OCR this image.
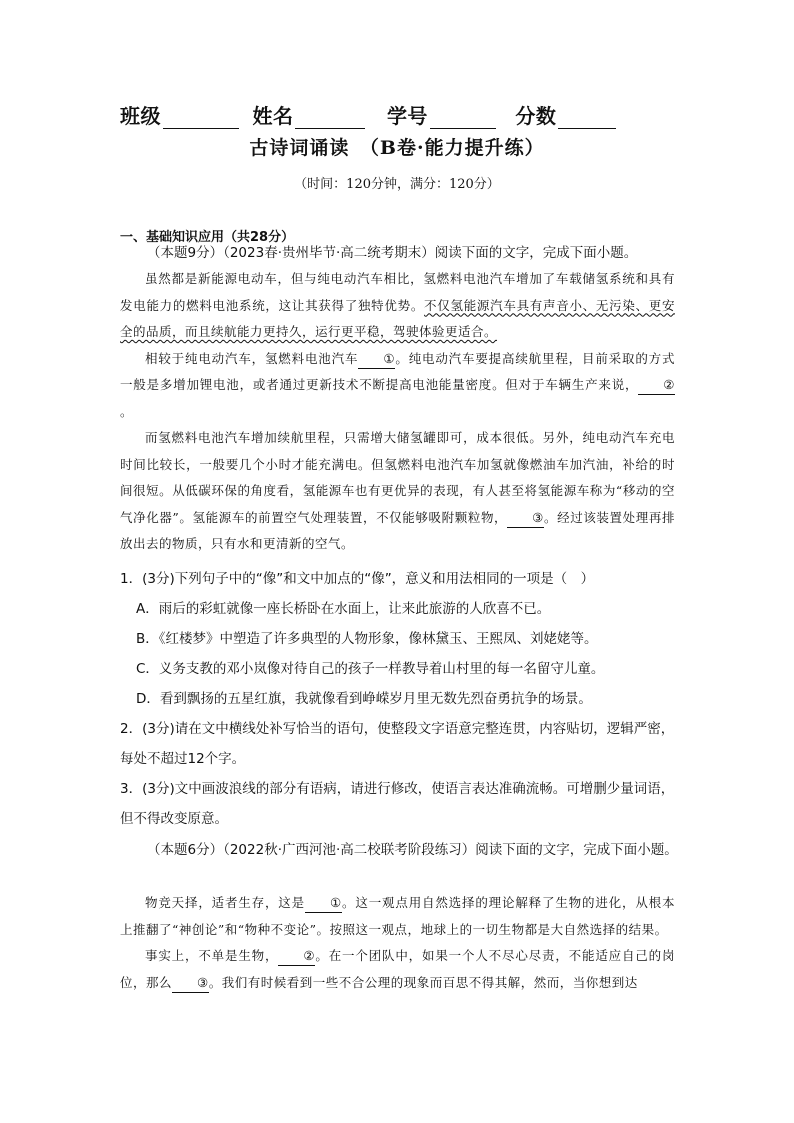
班级	姓名	学号	分数
古诗词诵读　（B卷·能力提升练）
（时间：120分钟，满分：120分）
一、基础知识应用（共28分）
（本题9分）（2023春·贵州毕节·高二统考期末）阅读下面的文字，完成下面小题。

虽然都是新能源电动车，但与纯电动汽车相比，氢燃料电池汽车增加了车载储氢系统和具有发电能力的燃料电池系统，这让其获得了独特优势。不仅氢能源汽车具有声音小、无污染、更安全的品质，而且续航能力更持久，运行更平稳，驾驶体验更适合。

相较于纯电动汽车，氢燃料电池汽车 ①。纯电动汽车要提高续航里程，目前采取的方式一般是多增加锂电池，或者通过更新技术不断提高电池能量密度。但对于车辆生产来说， ②。

而氢燃料电池汽车增加续航里程，只需增大储氢罐即可，成本很低。另外，纯电动汽车充电时间比较长，一般要几个小时才能充满电。但氢燃料电池汽车加氢就像燃油车加汽油，补给的时间很短。从低碳环保的角度看，氢能源车也有更优异的表现，有人甚至将氢能源车称为“移动的空气净化器”。氢能源车的前置空气处理装置，不仅能够吸附颗粒物， ③。经过该装置处理再排放出去的物质，只有水和更清新的空气。

1．(3分)下列句子中的“像”和文中加点的“像”，意义和用法相同的一项是（　）

A．雨后的彩虹就像一座长桥卧在水面上，让来此旅游的人欣喜不已。

B．《红楼梦》中塑造了许多典型的人物形象，像林黛玉、王熙凤、刘姥姥等。

C．义务支教的邓小岚像对待自己的孩子一样教导着山村里的每一名留守儿童。

D．看到飘扬的五星红旗，我就像看到峥嵘岁月里无数先烈奋勇抗争的场景。

2．(3分)请在文中横线处补写恰当的语句，使整段文字语意完整连贯，内容贴切，逻辑严密，每处不超过12个字。

3．(3分)文中画波浪线的部分有语病，请进行修改，使语言表达准确流畅。可增删少量词语，但不得改变原意。

（本题6分）（2022秋·广西河池·高二校联考阶段练习）阅读下面的文字，完成下面小题。

物竞天择，适者生存，这是 ①。这一观点用自然选择的理论解释了生物的进化，从根本上推翻了“神创论”和“物种不变论”。按照这一观点，地球上的一切生物都是大自然选择的结果。

事实上，不单是生物， ②。在一个团队中，如果一个人不尽心尽责，不能适应自己的岗位，那么 ③。我们有时候看到一些不合公理的现象而百思不得其解，然而，当你想到达
